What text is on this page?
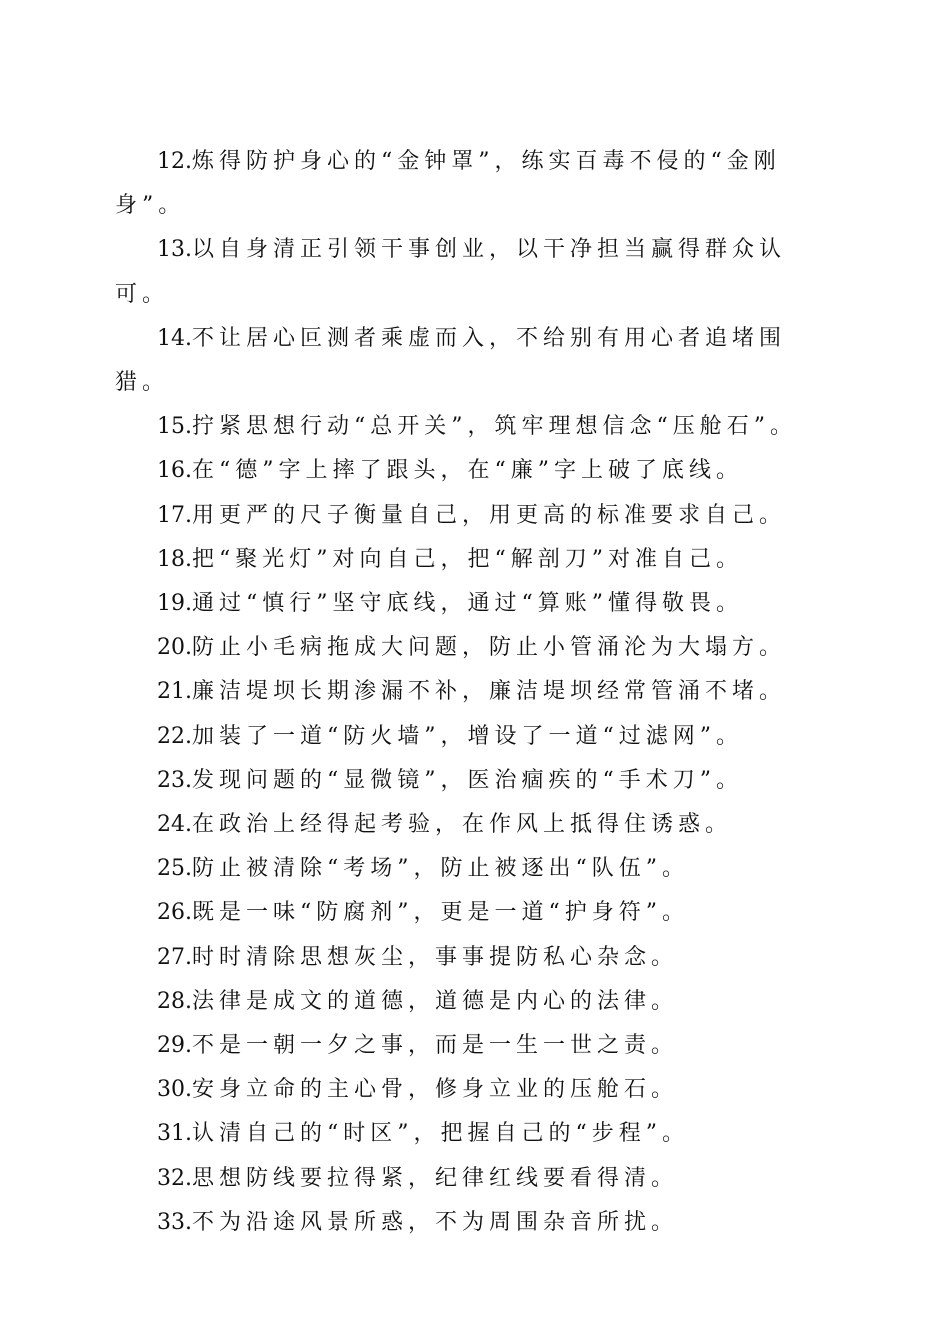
12.炼得防护身心的“金钟罩”，练实百毒不侵的“金刚身”。

13.以自身清正引领干事创业，以干净担当赢得群众认可。

14.不让居心叵测者乘虚而入，不给别有用心者追堵围猎。

15.拧紧思想行动“总开关”，筑牢理想信念“压舱石”。

16.在“德”字上摔了跟头，在“廉”字上破了底线。

17.用更严的尺子衡量自己，用更高的标准要求自己。

18.把“聚光灯”对向自己，把“解剖刀”对准自己。

19.通过“慎行”坚守底线，通过“算账”懂得敬畏。

20.防止小毛病拖成大问题，防止小管涌沦为大塌方。

21.廉洁堤坝长期渗漏不补，廉洁堤坝经常管涌不堵。

22.加装了一道“防火墙”，增设了一道“过滤网”。

23.发现问题的“显微镜”，医治痼疾的“手术刀”。

24.在政治上经得起考验，在作风上抵得住诱惑。

25.防止被清除“考场”，防止被逐出“队伍”。

26.既是一味“防腐剂”，更是一道“护身符”。

27.时时清除思想灰尘，事事提防私心杂念。

28.法律是成文的道德，道德是内心的法律。

29.不是一朝一夕之事，而是一生一世之责。

30.安身立命的主心骨，修身立业的压舱石。

31.认清自己的“时区”，把握自己的“步程”。

32.思想防线要拉得紧，纪律红线要看得清。

33.不为沿途风景所惑，不为周围杂音所扰。
